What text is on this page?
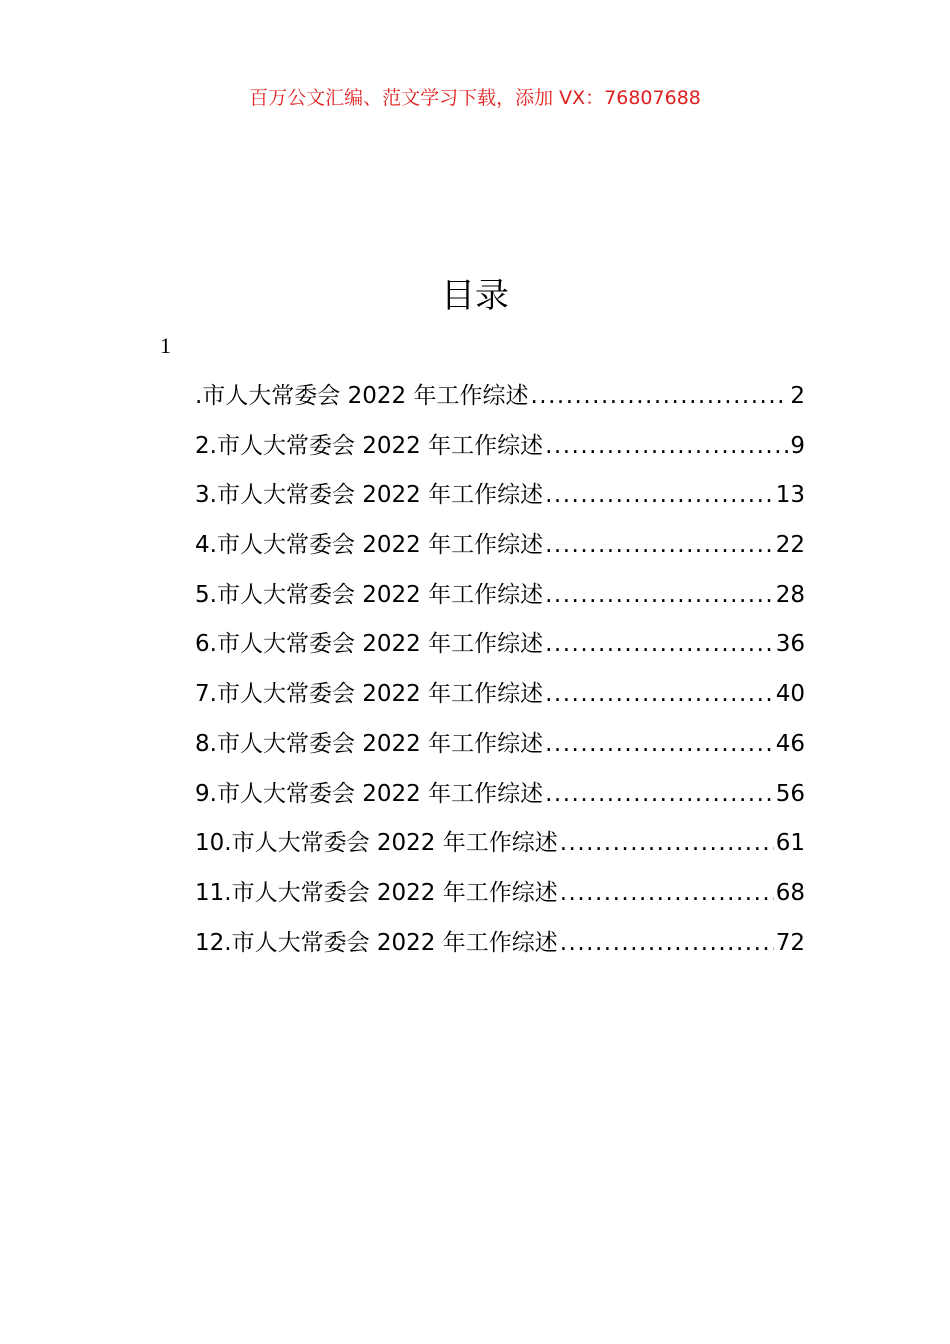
百万公文汇编、范文学习下载，添加 VX：76807688
目录
1
.市人大常委会 2022 年工作综述 .....	2
2.市人大常委会 2022 年工作综述 .....	9
3.市人大常委会 2022 年工作综述 .....	13
4.市人大常委会 2022 年工作综述 .....	22
5.市人大常委会 2022 年工作综述 .....	28
6.市人大常委会 2022 年工作综述 .....	36
7.市人大常委会 2022 年工作综述 .....	40
8.市人大常委会 2022 年工作综述 .....	46
9.市人大常委会 2022 年工作综述 .....	56
10.市人大常委会 2022 年工作综述 .....	61
11.市人大常委会 2022 年工作综述 .....	68
12.市人大常委会 2022 年工作综述 .....	72
